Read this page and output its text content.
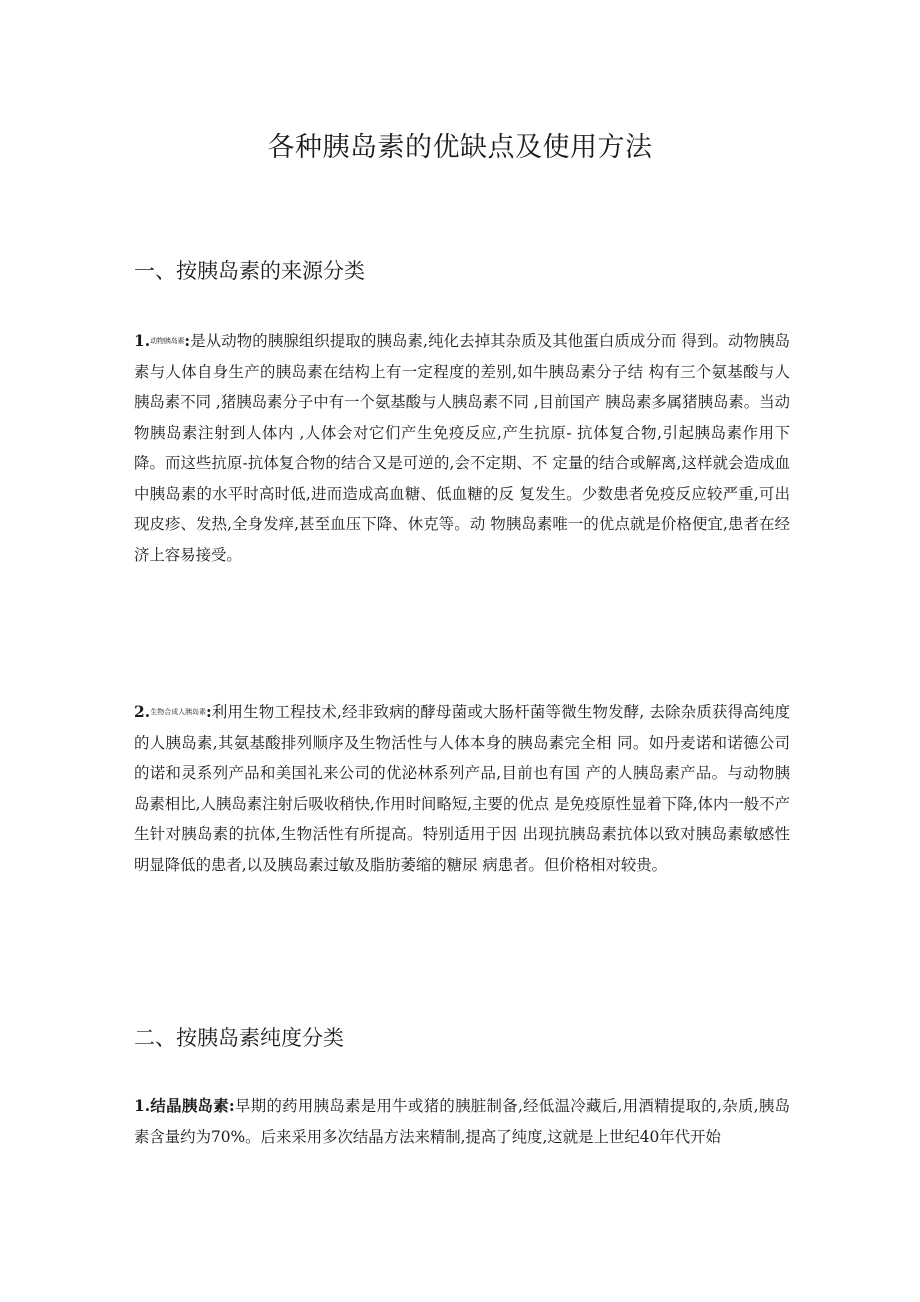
各种胰岛素的优缺点及使用方法
一、按胰岛素的来源分类

1.动物胰岛素:是从动物的胰腺组织提取的胰岛素,纯化去掉其杂质及其他蛋白质成分而 得到。动物胰岛素与人体自身生产的胰岛素在结构上有一定程度的差别,如牛胰岛素分子结 构有三个氨基酸与人胰岛素不同 ,猪胰岛素分子中有一个氨基酸与人胰岛素不同 ,目前国产 胰岛素多属猪胰岛素。当动物胰岛素注射到人体内 ,人体会对它们产生免疫反应,产生抗原- 抗体复合物,引起胰岛素作用下降。而这些抗原-抗体复合物的结合又是可逆的,会不定期、不 定量的结合或解离,这样就会造成血中胰岛素的水平时高时低,进而造成高血糖、低血糖的反 复发生。少数患者免疫反应较严重,可出现皮疹、发热,全身发痒,甚至血压下降、休克等。动 物胰岛素唯一的优点就是价格便宜,患者在经济上容易接受。

2.生物合成人胰岛素:利用生物工程技术,经非致病的酵母菌或大肠杆菌等微生物发酵, 去除杂质获得高纯度的人胰岛素,其氨基酸排列顺序及生物活性与人体本身的胰岛素完全相 同。如丹麦诺和诺德公司的诺和灵系列产品和美国礼来公司的优泌林系列产品,目前也有国 产的人胰岛素产品。与动物胰岛素相比,人胰岛素注射后吸收稍快,作用时间略短,主要的优点 是免疫原性显着下降,体内一般不产生针对胰岛素的抗体,生物活性有所提高。特别适用于因 出现抗胰岛素抗体以致对胰岛素敏感性明显降低的患者,以及胰岛素过敏及脂肪萎缩的糖尿 病患者。但价格相对较贵。

二、按胰岛素纯度分类

1.结晶胰岛素:早期的药用胰岛素是用牛或猪的胰脏制备,经低温冷藏后,用酒精提取的,杂质,胰岛素含量约为70%。后来采用多次结晶方法来精制,提高了纯度,这就是上世纪40年代开始
